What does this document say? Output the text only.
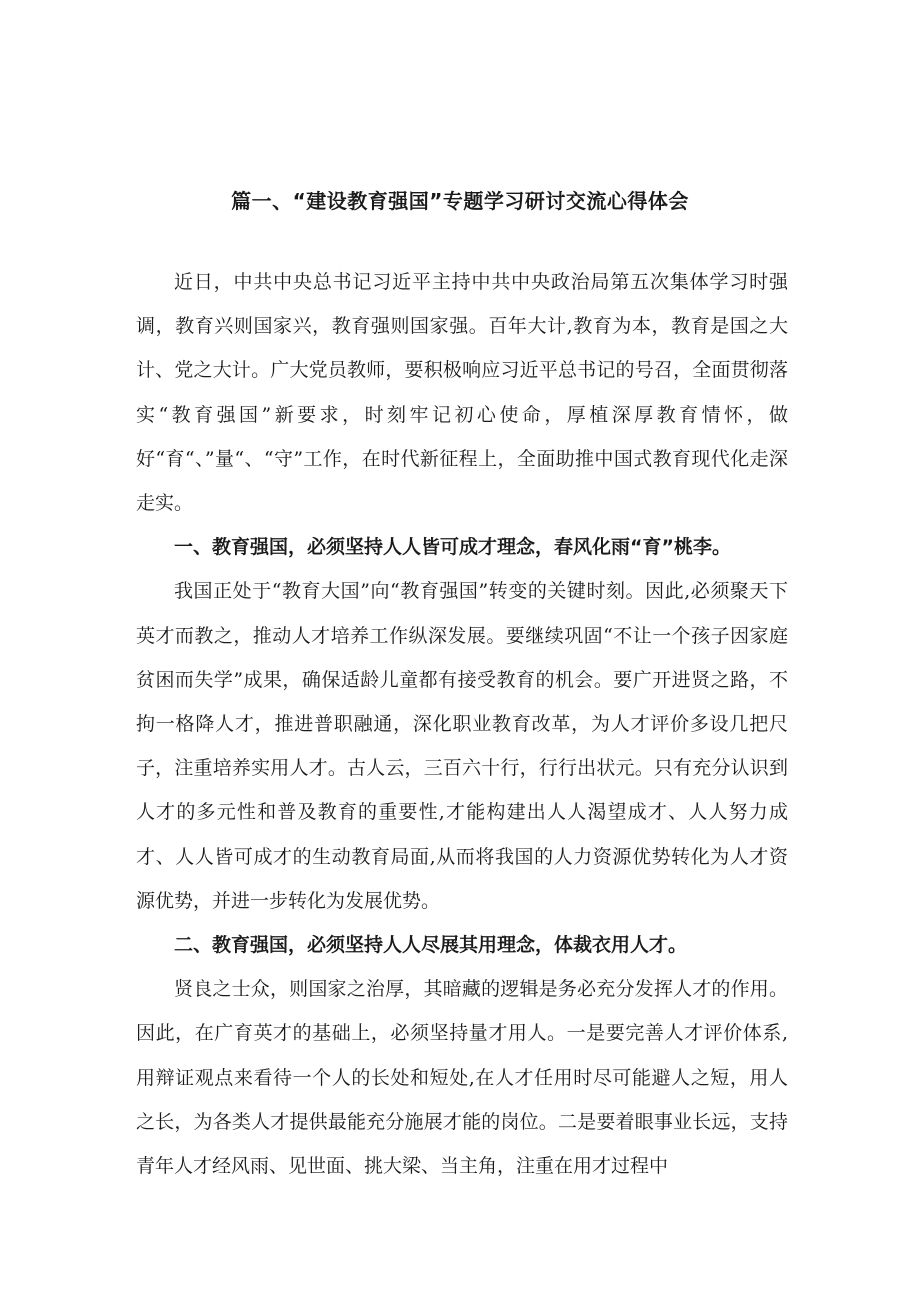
篇一、“建设教育强国”专题学习研讨交流心得体会

近日，中共中央总书记习近平主持中共中央政治局第五次集体学习时强调，教育兴则国家兴，教育强则国家强。百年大计,教育为本，教育是国之大计、党之大计。广大党员教师，要积极响应习近平总书记的号召，全面贯彻落实“教育强国”新要求，时刻牢记初心使命，厚植深厚教育情怀，做好“育“、”量“、“守”工作，在时代新征程上，全面助推中国式教育现代化走深走实。

一、教育强国，必须坚持人人皆可成才理念，春风化雨“育”桃李。

我国正处于“教育大国”向“教育强国”转变的关键时刻。因此,必须聚天下英才而教之，推动人才培养工作纵深发展。要继续巩固“不让一个孩子因家庭贫困而失学”成果，确保适龄儿童都有接受教育的机会。要广开进贤之路，不拘一格降人才，推进普职融通，深化职业教育改革，为人才评价多设几把尺子，注重培养实用人才。古人云，三百六十行，行行出状元。只有充分认识到人才的多元性和普及教育的重要性,才能构建出人人渴望成才、人人努力成才、人人皆可成才的生动教育局面,从而将我国的人力资源优势转化为人才资源优势，并进一步转化为发展优势。

二、教育强国，必须坚持人人尽展其用理念，体裁衣用人才。

贤良之士众，则国家之治厚，其暗藏的逻辑是务必充分发挥人才的作用。因此，在广育英才的基础上，必须坚持量才用人。一是要完善人才评价体系,用辩证观点来看待一个人的长处和短处,在人才任用时尽可能避人之短，用人之长，为各类人才提供最能充分施展才能的岗位。二是要着眼事业长远，支持青年人才经风雨、见世面、挑大梁、当主角，注重在用才过程中
